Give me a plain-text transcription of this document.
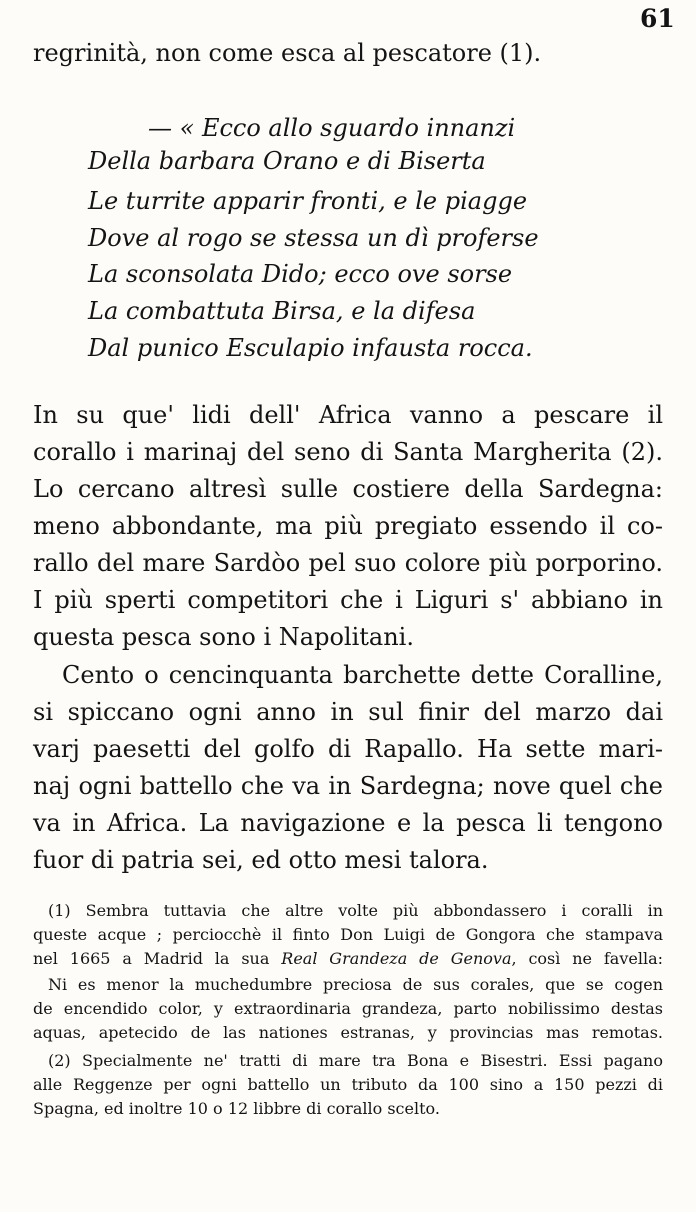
61
regrinità, non come esca al pescatore (1).
— « Ecco allo sguardo innanzi
Della barbara Orano e di Biserta
Le turrite apparir fronti, e le piagge
Dove al rogo se stessa un dì proferse
La sconsolata Dido; ecco ove sorse
La combattuta Birsa, e la difesa
Dal punico Esculapio infausta rocca.
In su que' lidi dell' Africa vanno a pescare il
corallo i marinaj del seno di Santa Margherita (2).
Lo cercano altresì sulle costiere della Sardegna:
meno abbondante, ma più pregiato essendo il co-
rallo del mare Sardòo pel suo colore più porporino.
I più sperti competitori che i Liguri s' abbiano in
questa pesca sono i Napolitani.
Cento o cencinquanta barchette dette Coralline,
si spiccano ogni anno in sul finir del marzo dai
varj paesetti del golfo di Rapallo. Ha sette mari-
naj ogni battello che va in Sardegna; nove quel che
va in Africa. La navigazione e la pesca li tengono
fuor di patria sei, ed otto mesi talora.
(1) Sembra tuttavia che altre volte più abbondassero i coralli in
queste acque ; perciocchè il finto Don Luigi de Gongora che stampava
nel 1665 a Madrid la sua Real Grandeza de Genova, così ne favella:
Ni es menor la muchedumbre preciosa de sus corales, que se cogen
de encendido color, y extraordinaria grandeza, parto nobilissimo destas
aquas, apetecido de las nationes estranas, y provincias mas remotas.
(2) Specialmente ne' tratti di mare tra Bona e Bisestri. Essi pagano
alle Reggenze per ogni battello un tributo da 100 sino a 150 pezzi di
Spagna, ed inoltre 10 o 12 libbre di corallo scelto.
